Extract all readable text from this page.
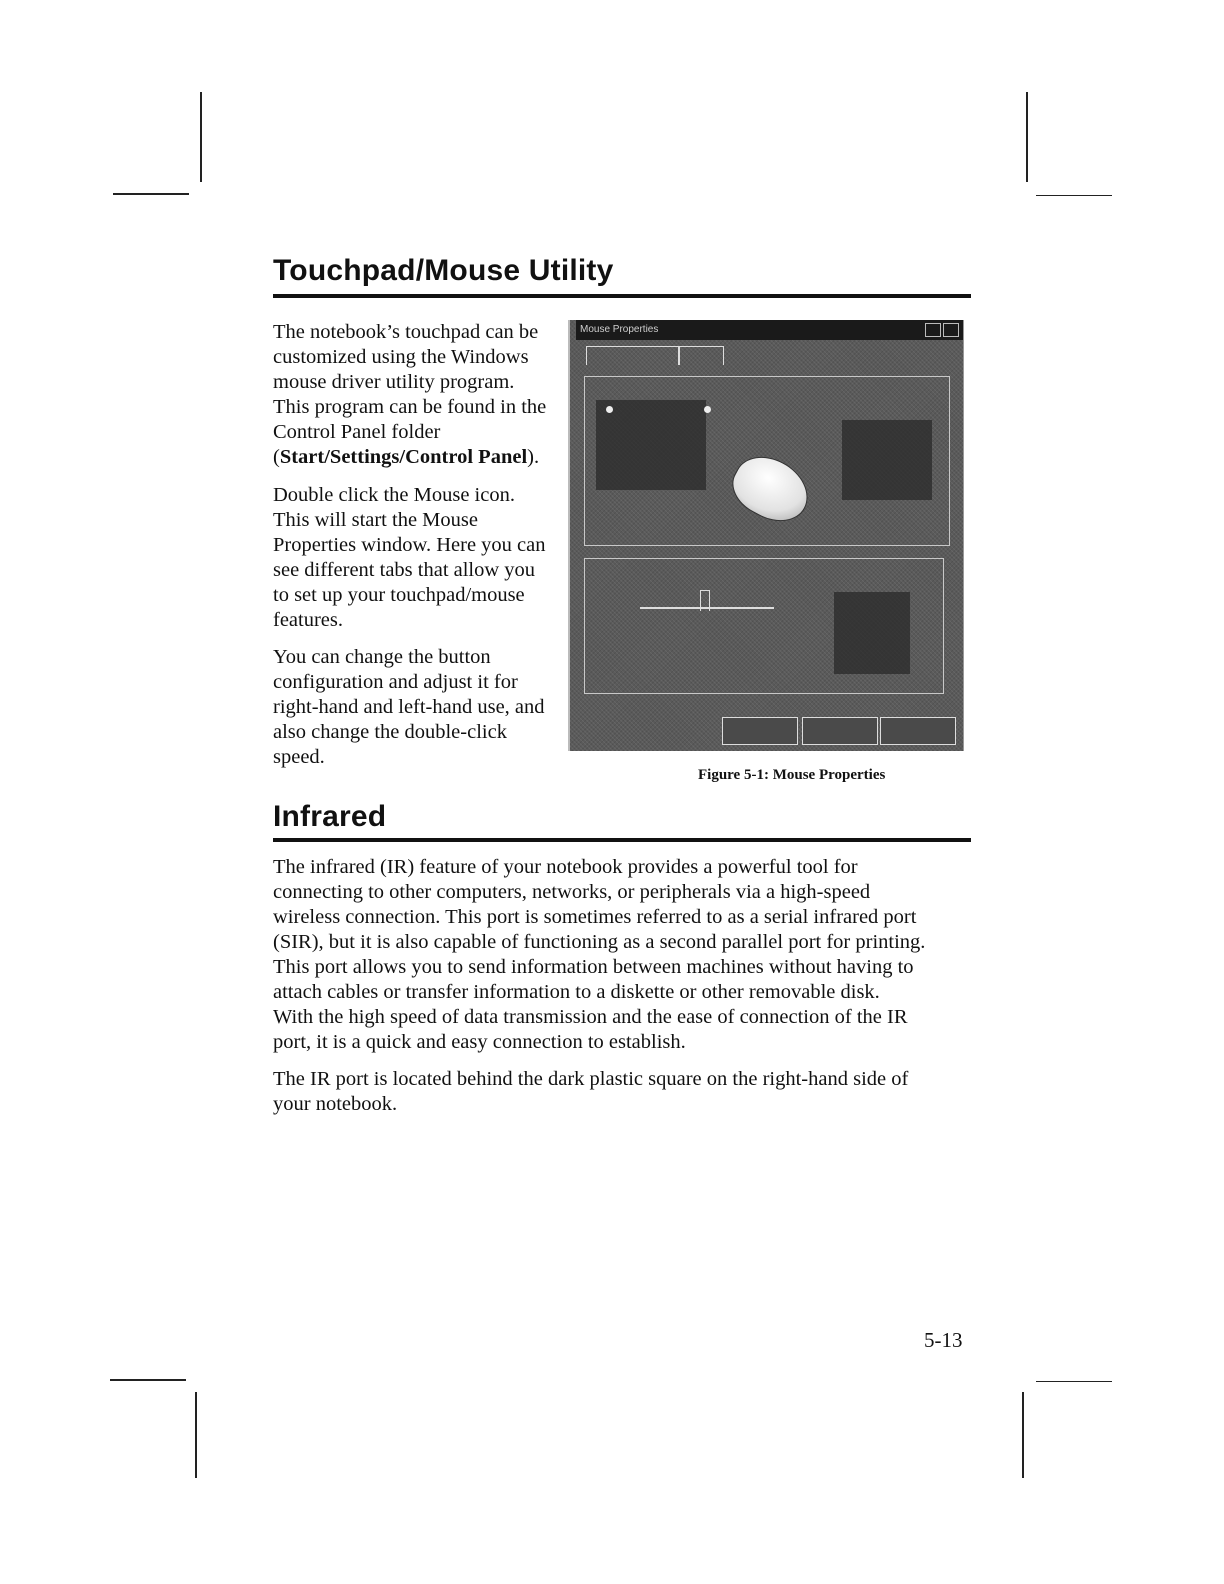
Touchpad/Mouse Utility

The notebook’s touchpad can be
customized using the Windows
mouse driver utility program.
This program can be found in the
Control Panel folder
(Start/Settings/Control Panel).

Double click the Mouse icon.
This will start the Mouse
Properties window. Here you can
see different tabs that allow you
to set up your touchpad/mouse
features.

You can change the button
configuration and adjust it for
right-hand and left-hand use, and
also change the double-click
speed.

Mouse Properties

Figure 5-1: Mouse Properties

Infrared

The infrared (IR) feature of your notebook provides a powerful tool for
connecting to other computers, networks, or peripherals via a high-speed
wireless connection. This port is sometimes referred to as a serial infrared port
(SIR), but it is also capable of functioning as a second parallel port for printing.
This port allows you to send information between machines without having to
attach cables or transfer information to a diskette or other removable disk.
With the high speed of data transmission and the ease of connection of the IR
port, it is a quick and easy connection to establish.

The IR port is located behind the dark plastic square on the right-hand side of
your notebook.

5-13
